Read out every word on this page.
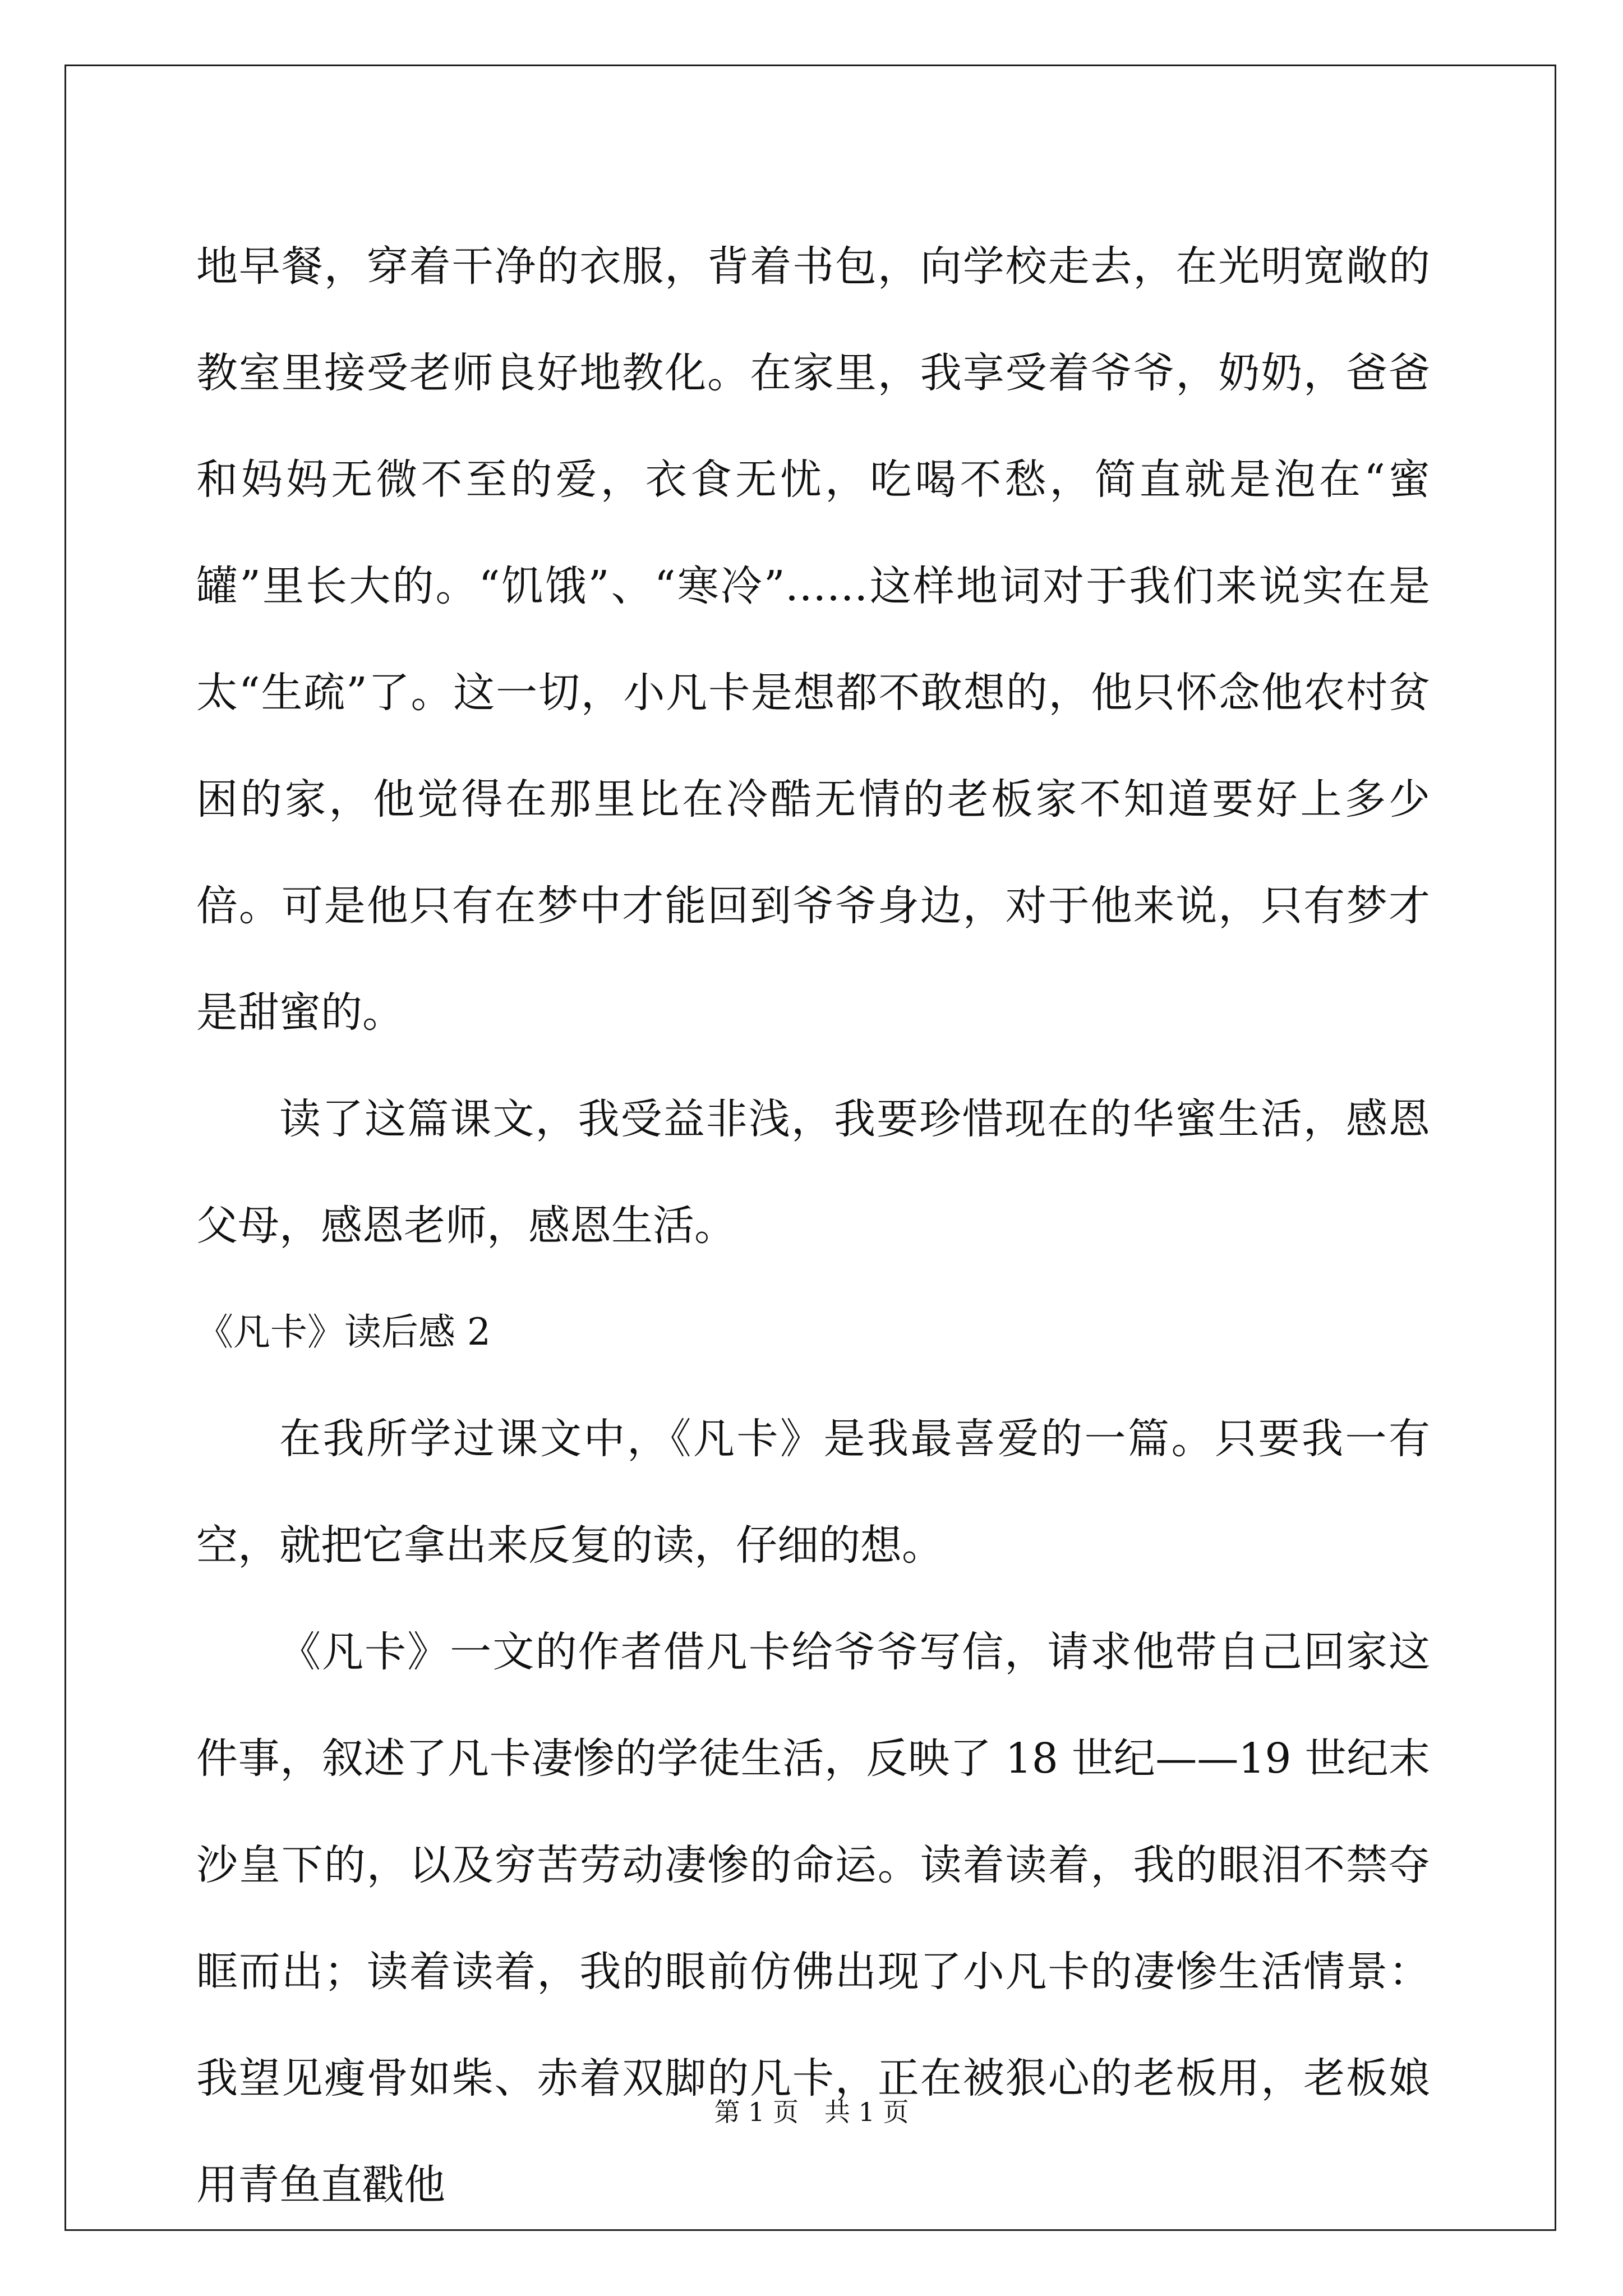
地早餐，穿着干净的衣服，背着书包，向学校走去，在光明宽敞的教室里接受老师良好地教化。在家里，我享受着爷爷，奶奶，爸爸和妈妈无微不至的爱，衣食无忧，吃喝不愁，简直就是泡在“蜜罐”里长大的。“饥饿”、“寒冷”……这样地词对于我们来说实在是太“生疏”了。这一切，小凡卡是想都不敢想的，他只怀念他农村贫困的家，他觉得在那里比在冷酷无情的老板家不知道要好上多少倍。可是他只有在梦中才能回到爷爷身边，对于他来说，只有梦才是甜蜜的。

读了这篇课文，我受益非浅，我要珍惜现在的华蜜生活，感恩父母，感恩老师，感恩生活。

《凡卡》读后感 2

在我所学过课文中，《凡卡》是我最喜爱的一篇。只要我一有空，就把它拿出来反复的读，仔细的想。

《凡卡》一文的作者借凡卡给爷爷写信，请求他带自己回家这件事，叙述了凡卡凄惨的学徒生活，反映了 18 世纪——19 世纪末沙皇下的，以及穷苦劳动凄惨的命运。读着读着，我的眼泪不禁夺眶而出；读着读着，我的眼前仿佛出现了小凡卡的凄惨生活情景：我望见瘦骨如柴、赤着双脚的凡卡，正在被狠心的老板用，老板娘用青鱼直戳他

第 1 页 共 1 页
